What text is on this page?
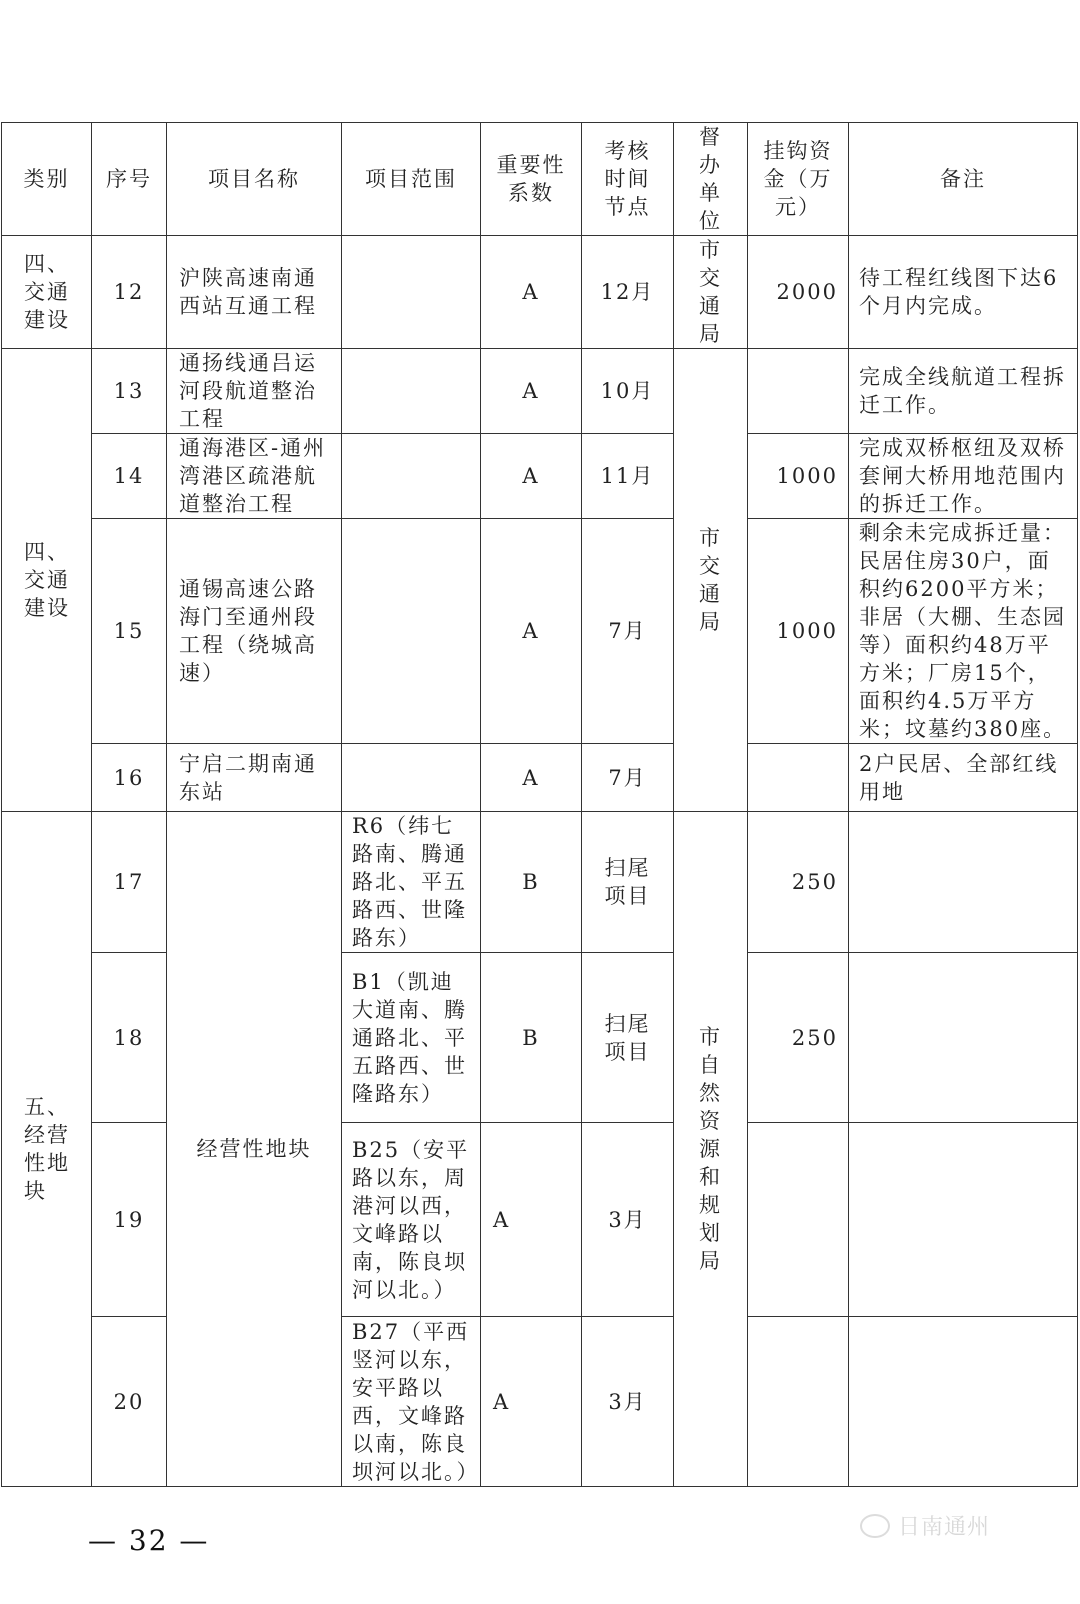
类别	序号	项目名称	项目范围	重要性系数	考核时间节点	督办单位	挂钩资金（万元）	备注
四、交通建设	12	沪陕高速南通西站互通工程		A	12月	市交通局	2000	待工程红线图下达6个月内完成。
四、交通建设	13	通扬线通吕运河段航道整治工程		A	10月	市交通局		完成全线航道工程拆迁工作。
	14	通海港区-通州湾港区疏港航道整治工程		A	11月		1000	完成双桥枢纽及双桥套闸大桥用地范围内的拆迁工作。
	15	通锡高速公路海门至通州段工程（绕城高速）		A	7月		1000	剩余未完成拆迁量：民居住房30户，面积约6200平方米；非居（大棚、生态园等）面积约48万平方米；厂房15个，面积约4.5万平方米；坟墓约380座。
	16	宁启二期南通东站		A	7月			2户民居、全部红线用地
五、经营性地块	17	经营性地块	R6（纬七路南、腾通路北、平五路西、世隆路东）	B	扫尾项目	市自然资源和规划局	250	
	18		B1（凯迪大道南、腾通路北、平五路西、世隆路东）	B	扫尾项目		250	
	19		B25（安平路以东，周港河以西，文峰路以南，陈良坝河以北。）	A	3月			
	20		B27（平西竖河以东，安平路以西，文峰路以南，陈良坝河以北。）	A	3月			
— 32 —	日南通州
